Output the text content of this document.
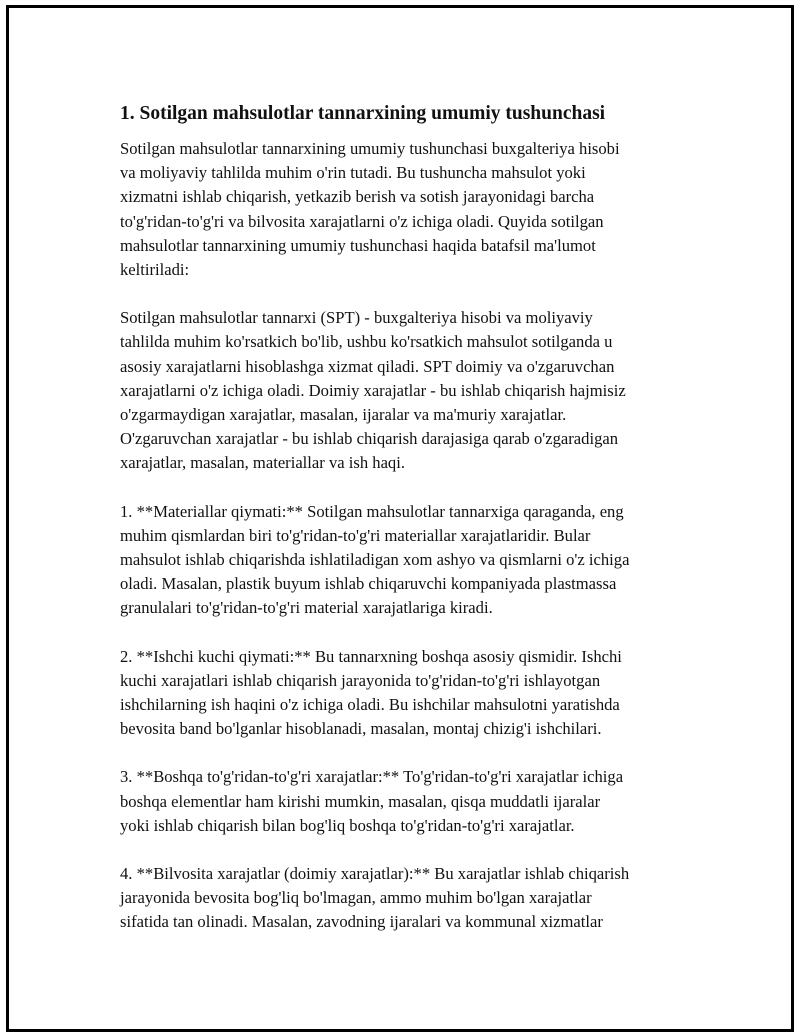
1. Sotilgan mahsulotlar tannarxining umumiy tushunchasi

Sotilgan mahsulotlar tannarxining umumiy tushunchasi buxgalteriya hisobi
va moliyaviy tahlilda muhim o'rin tutadi. Bu tushuncha mahsulot yoki
xizmatni ishlab chiqarish, yetkazib berish va sotish jarayonidagi barcha
to'g'ridan-to'g'ri va bilvosita xarajatlarni o'z ichiga oladi. Quyida sotilgan
mahsulotlar tannarxining umumiy tushunchasi haqida batafsil ma'lumot
keltiriladi:

Sotilgan mahsulotlar tannarxi (SPT) - buxgalteriya hisobi va moliyaviy
tahlilda muhim ko'rsatkich bo'lib, ushbu ko'rsatkich mahsulot sotilganda u
asosiy xarajatlarni hisoblashga xizmat qiladi. SPT doimiy va o'zgaruvchan
xarajatlarni o'z ichiga oladi. Doimiy xarajatlar - bu ishlab chiqarish hajmisiz
o'zgarmaydigan xarajatlar, masalan, ijaralar va ma'muriy xarajatlar.
O'zgaruvchan xarajatlar - bu ishlab chiqarish darajasiga qarab o'zgaradigan
xarajatlar, masalan, materiallar va ish haqi.

1. **Materiallar qiymati:** Sotilgan mahsulotlar tannarxiga qaraganda, eng
muhim qismlardan biri to'g'ridan-to'g'ri materiallar xarajatlaridir. Bular
mahsulot ishlab chiqarishda ishlatiladigan xom ashyo va qismlarni o'z ichiga
oladi. Masalan, plastik buyum ishlab chiqaruvchi kompaniyada plastmassa
granulalari to'g'ridan-to'g'ri material xarajatlariga kiradi.

2. **Ishchi kuchi qiymati:** Bu tannarxning boshqa asosiy qismidir. Ishchi
kuchi xarajatlari ishlab chiqarish jarayonida to'g'ridan-to'g'ri ishlayotgan
ishchilarning ish haqini o'z ichiga oladi. Bu ishchilar mahsulotni yaratishda
bevosita band bo'lganlar hisoblanadi, masalan, montaj chizig'i ishchilari.

3. **Boshqa to'g'ridan-to'g'ri xarajatlar:** To'g'ridan-to'g'ri xarajatlar ichiga
boshqa elementlar ham kirishi mumkin, masalan, qisqa muddatli ijaralar
yoki ishlab chiqarish bilan bog'liq boshqa to'g'ridan-to'g'ri xarajatlar.

4. **Bilvosita xarajatlar (doimiy xarajatlar):** Bu xarajatlar ishlab chiqarish
jarayonida bevosita bog'liq bo'lmagan, ammo muhim bo'lgan xarajatlar
sifatida tan olinadi. Masalan, zavodning ijaralari va kommunal xizmatlar
